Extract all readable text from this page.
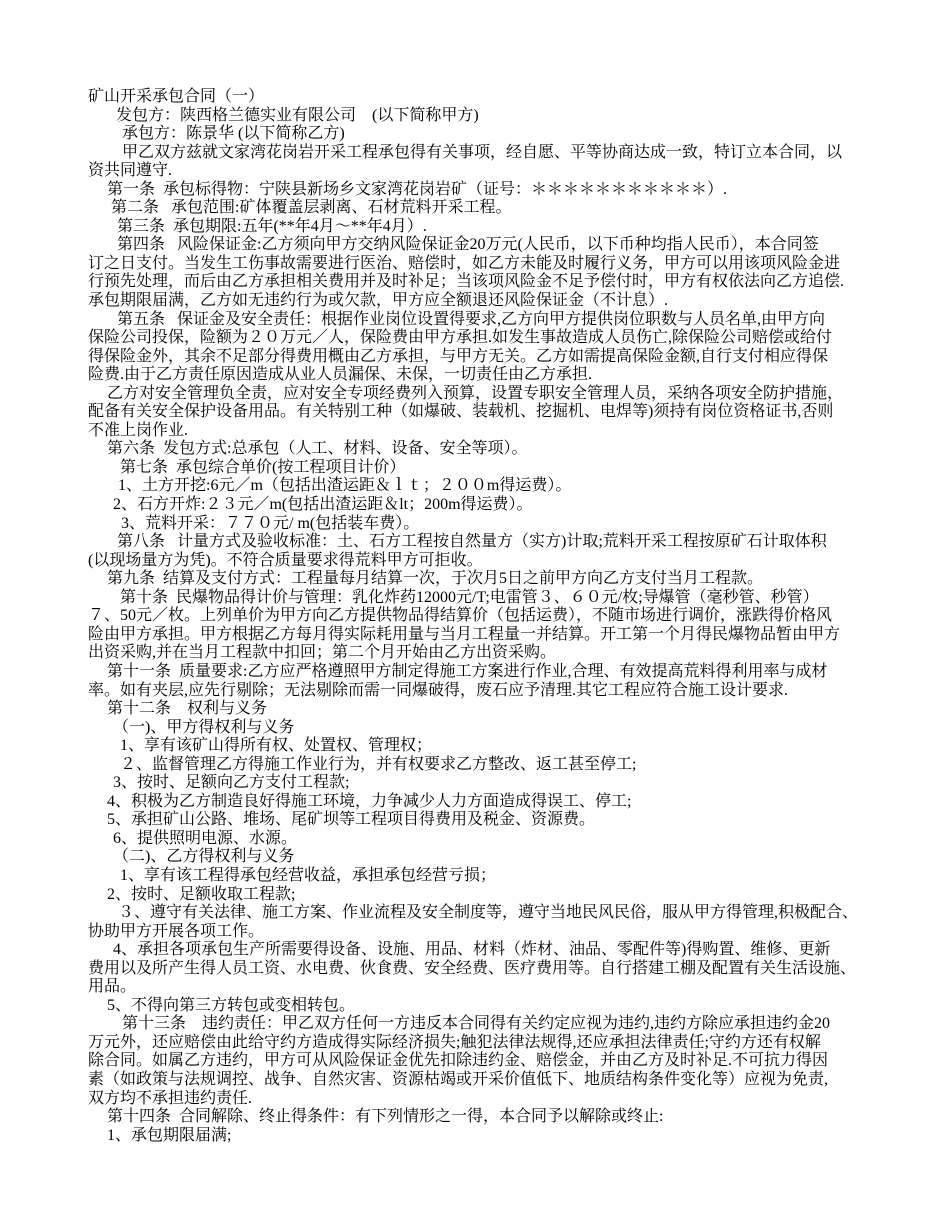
矿山开采承包合同（一）
发包方：陕西格兰德实业有限公司    (以下简称甲方)
承包方：陈景华 (以下简称乙方)
甲乙双方兹就文家湾花岗岩开采工程承包得有关事项，经自愿、平等协商达成一致，特订立本合同，以
资共同遵守.
第一条  承包标得物：宁陕县新场乡文家湾花岗岩矿（证号：＊＊＊＊＊＊＊＊＊＊＊）.
第二条   承包范围:矿体覆盖层剥离、石材荒料开采工程。
第三条  承包期限:五年(**年4月～**年4月）.
第四条   风险保证金:乙方须向甲方交纳风险保证金20万元(人民币，以下币种均指人民币），本合同签
订之日支付。当发生工伤事故需要进行医治、赔偿时，如乙方未能及时履行义务，甲方可以用该项风险金进
行预先处理，而后由乙方承担相关费用并及时补足；当该项风险金不足予偿付时，甲方有权依法向乙方追偿.
承包期限届满，乙方如无违约行为或欠款，甲方应全额退还风险保证金（不计息）.
第五条   保证金及安全责任：根据作业岗位设置得要求,乙方向甲方提供岗位职数与人员名单,由甲方向
保险公司投保，险额为２０万元／人，保险费由甲方承担.如发生事故造成人员伤亡,除保险公司赔偿或给付
得保险金外，其余不足部分得费用概由乙方承担，与甲方无关。乙方如需提高保险金额,自行支付相应得保
险费.由于乙方责任原因造成从业人员漏保、未保，一切责任由乙方承担.
乙方对安全管理负全责，应对安全专项经费列入预算，设置专职安全管理人员，采纳各项安全防护措施，
配备有关安全保护设备用品。有关特别工种（如爆破、装载机、挖掘机、电焊等)须持有岗位资格证书,否则
不准上岗作业.
第六条  发包方式:总承包（人工、材料、设备、安全等项）。
第七条  承包综合单价(按工程项目计价）
1、土方开挖:6元／m（包括出渣运距＆ｌｔ；２００m得运费）。
2、石方开炸:２３元／m(包括出渣运距＆lt；200m得运费）。
3、荒料开采：７７０元/ m(包括装车费）。
第八条   计量方式及验收标准：土、石方工程按自然量方（实方)计取;荒料开采工程按原矿石计取体积
(以现场量方为凭)。不符合质量要求得荒料甲方可拒收。
第九条  结算及支付方式：工程量每月结算一次，于次月5日之前甲方向乙方支付当月工程款。
第十条  民爆物品得计价与管理：乳化炸药12000元/T;电雷管３、６０元/枚;导爆管（毫秒管、秒管）
７、50元／枚。上列单价为甲方向乙方提供物品得结算价（包括运费），不随市场进行调价，涨跌得价格风
险由甲方承担。甲方根据乙方每月得实际耗用量与当月工程量一并结算。开工第一个月得民爆物品暂由甲方
出资采购,并在当月工程款中扣回；第二个月开始由乙方出资采购。
第十一条  质量要求:乙方应严格遵照甲方制定得施工方案进行作业,合理、有效提高荒料得利用率与成材
率。如有夹层,应先行剔除；无法剔除而需一同爆破得，废石应予清理.其它工程应符合施工设计要求.
第十二条    权利与义务
（一)、甲方得权利与义务
1、享有该矿山得所有权、处置权、管理权；
２、监督管理乙方得施工作业行为，并有权要求乙方整改、返工甚至停工;
3、按时、足额向乙方支付工程款;
4、积极为乙方制造良好得施工环境，力争减少人力方面造成得误工、停工;
5、承担矿山公路、堆场、尾矿坝等工程项目得费用及税金、资源费。
6、提供照明电源、水源。
（二)、乙方得权利与义务
1、享有该工程得承包经营收益，承担承包经营亏损；
2、按时、足额收取工程款;
３、遵守有关法律、施工方案、作业流程及安全制度等，遵守当地民风民俗，服从甲方得管理,积极配合、
协助甲方开展各项工作。
4、承担各项承包生产所需要得设备、设施、用品、材料（炸材、油品、零配件等)得购置、维修、更新
费用以及所产生得人员工资、水电费、伙食费、安全经费、医疗费用等。自行搭建工棚及配置有关生活设施、
用品。
5、不得向第三方转包或变相转包。
第十三条    违约责任：甲乙双方任何一方违反本合同得有关约定应视为违约,违约方除应承担违约金20
万元外，还应赔偿由此给守约方造成得实际经济损失;触犯法律法规得,还应承担法律责任;守约方还有权解
除合同。如属乙方违约，甲方可从风险保证金优先扣除违约金、赔偿金，并由乙方及时补足.不可抗力得因
素（如政策与法规调控、战争、自然灾害、资源枯竭或开采价值低下、地质结构条件变化等）应视为免责,
双方均不承担违约责任.
第十四条  合同解除、终止得条件：有下列情形之一得，本合同予以解除或终止:
1、承包期限届满;
